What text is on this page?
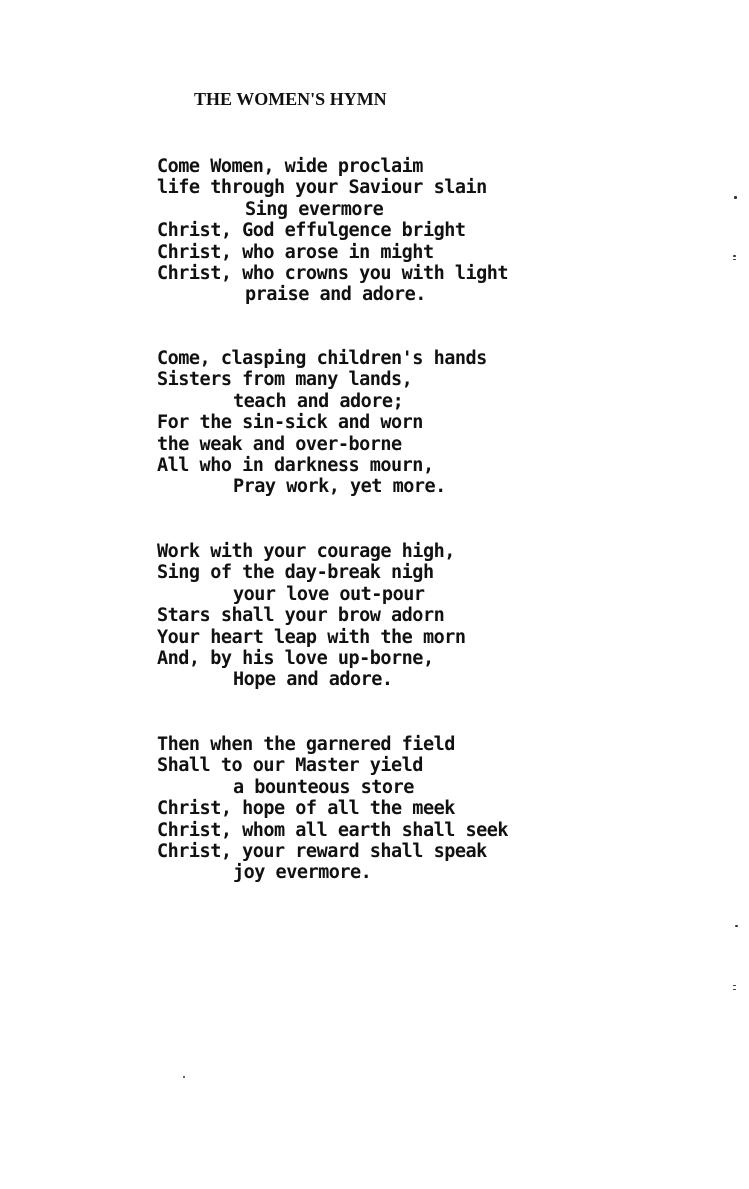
THE WOMEN'S HYMN
Come Women, wide proclaim
life through your Saviour slain
Sing evermore
Christ, God effulgence bright
Christ, who arose in might
Christ, who crowns you with light
praise and adore.
Come, clasping children's hands
Sisters from many lands,
teach and adore;
For the sin-sick and worn
the weak and over-borne
All who in darkness mourn,
Pray work, yet more.
Work with your courage high,
Sing of the day-break nigh
your love out-pour
Stars shall your brow adorn
Your heart leap with the morn
And, by his love up-borne,
Hope and adore.
Then when the garnered field
Shall to our Master yield
a bounteous store
Christ, hope of all the meek
Christ, whom all earth shall seek
Christ, your reward shall speak
joy evermore.
